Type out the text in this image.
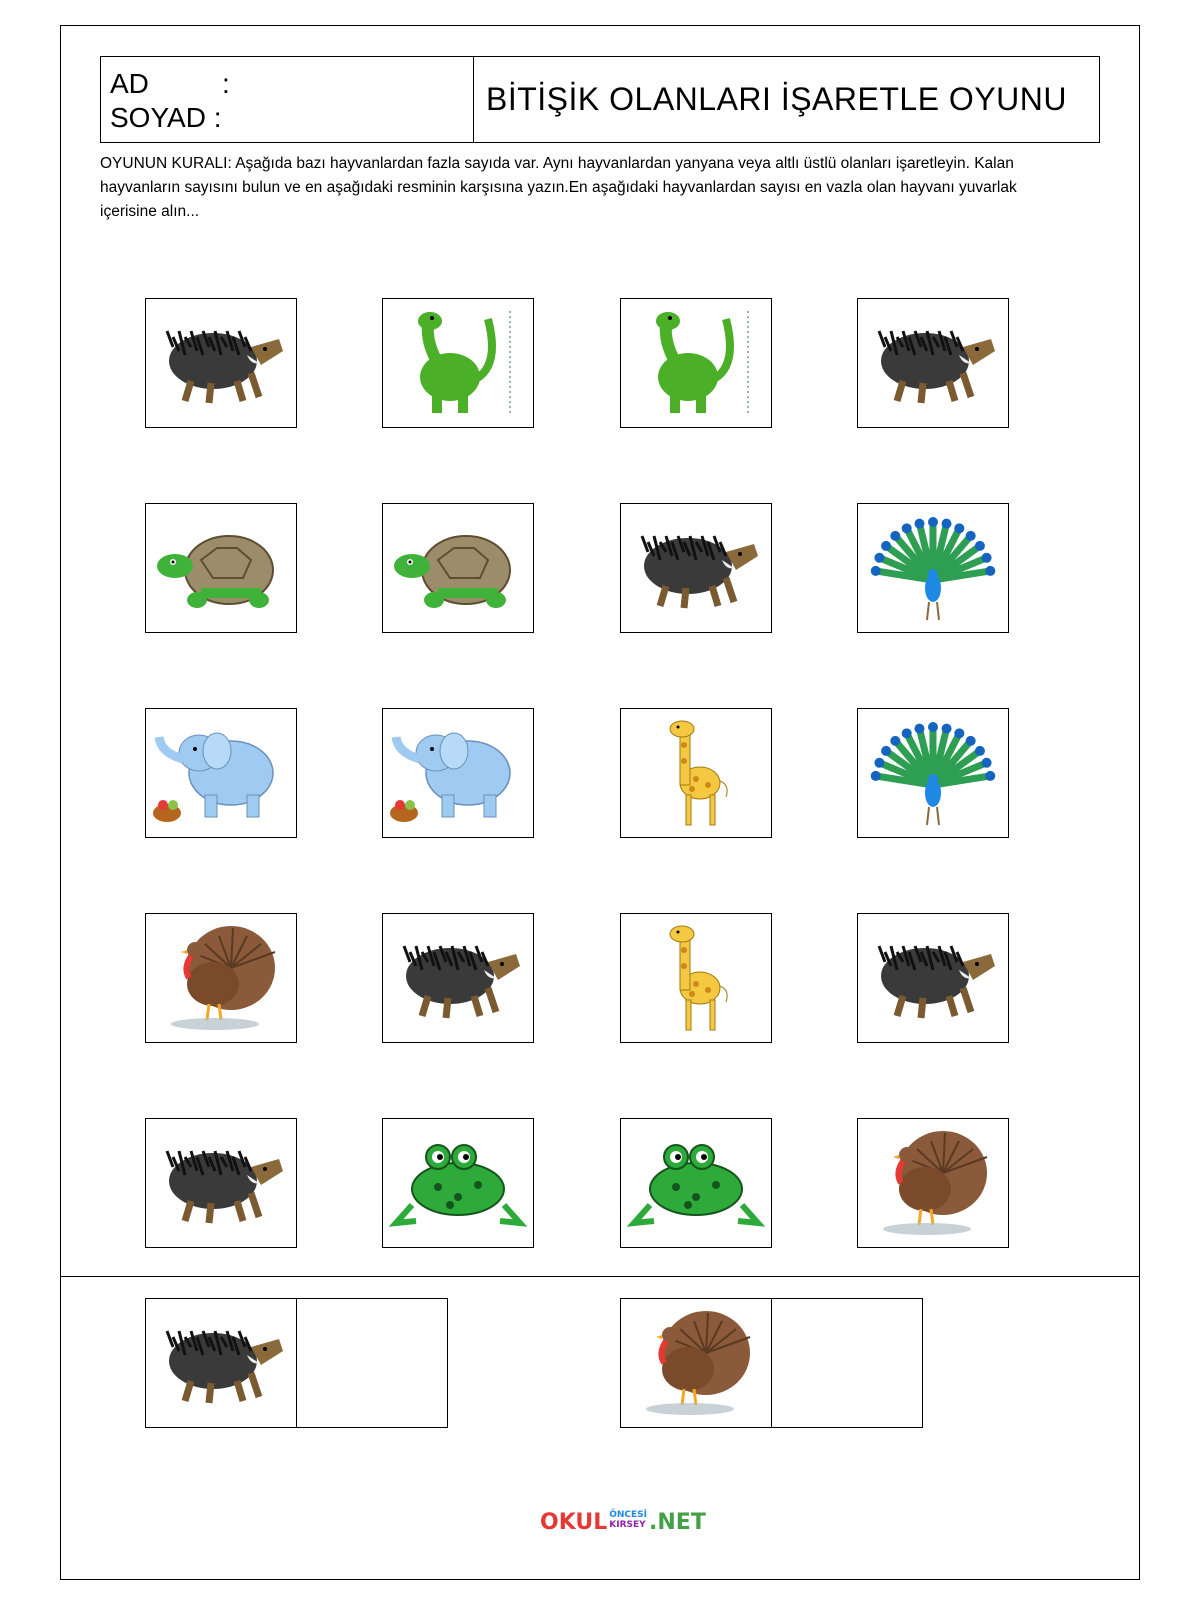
AD	:
SOYAD :
BİTİŞİK OLANLARI İŞARETLE OYUNU
OYUNUN KURALI: Aşağıda bazı hayvanlardan fazla sayıda var. Aynı hayvanlardan yanyana veya altlı üstlü olanları işaretleyin. Kalan hayvanların sayısını bulun ve en aşağıdaki resminin karşısına yazın.En aşağıdaki hayvanlardan sayısı en vazla olan hayvanı yuvarlak içerisine alın...
OKUL ÖNCESİ
KIRSEY .NET
